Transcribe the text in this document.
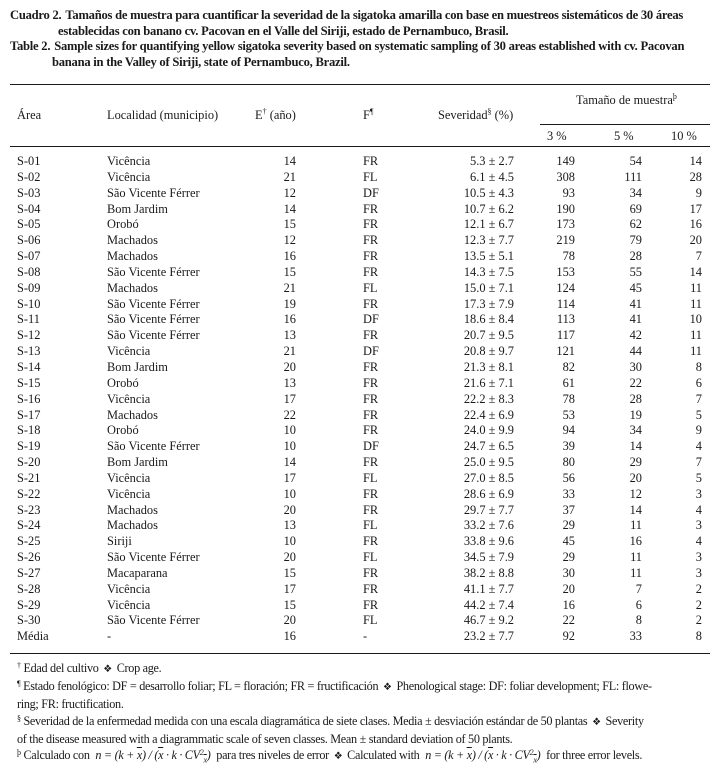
Cuadro 2. Tamaños de muestra para cuantificar la severidad de la sigatoka amarilla con base en muestreos sistemáticos de 30 áreas
establecidas con banano cv. Pacovan en el Valle del Siriji, estado de Pernambuco, Brasil.
Table 2. Sample sizes for quantifying yellow sigatoka severity based on systematic sampling of 30 areas established with cv. Pacovan
banana in the Valley of Siriji, state of Pernambuco, Brazil.
Área	Localidad (municipio)	E† (año)	F¶	Severidad§ (%)
Tamaño de muestra$^þ$
3 %	5 %	10 %
S-01	Vicência	14	FR	5.3 ± 2.7	149	54	14
S-02	Vicência	21	FL	6.1 ± 4.5	308	111	28
S-03	São Vicente Férrer	12	DF	10.5 ± 4.3	93	34	9
S-04	Bom Jardim	14	FR	10.7 ± 6.2	190	69	17
S-05	Orobó	15	FR	12.1 ± 6.7	173	62	16
S-06	Machados	12	FR	12.3 ± 7.7	219	79	20
S-07	Machados	16	FR	13.5 ± 5.1	78	28	7
S-08	São Vicente Férrer	15	FR	14.3 ± 7.5	153	55	14
S-09	Machados	21	FL	15.0 ± 7.1	124	45	11
S-10	São Vicente Férrer	19	FR	17.3 ± 7.9	114	41	11
S-11	São Vicente Férrer	16	DF	18.6 ± 8.4	113	41	10
S-12	São Vicente Férrer	13	FR	20.7 ± 9.5	117	42	11
S-13	Vicência	21	DF	20.8 ± 9.7	121	44	11
S-14	Bom Jardim	20	FR	21.3 ± 8.1	82	30	8
S-15	Orobó	13	FR	21.6 ± 7.1	61	22	6
S-16	Vicência	17	FR	22.2 ± 8.3	78	28	7
S-17	Machados	22	FR	22.4 ± 6.9	53	19	5
S-18	Orobó	10	FR	24.0 ± 9.9	94	34	9
S-19	São Vicente Férrer	10	DF	24.7 ± 6.5	39	14	4
S-20	Bom Jardim	14	FR	25.0 ± 9.5	80	29	7
S-21	Vicência	17	FL	27.0 ± 8.5	56	20	5
S-22	Vicência	10	FR	28.6 ± 6.9	33	12	3
S-23	Machados	20	FR	29.7 ± 7.7	37	14	4
S-24	Machados	13	FL	33.2 ± 7.6	29	11	3
S-25	Siriji	10	FR	33.8 ± 9.6	45	16	4
S-26	São Vicente Férrer	20	FL	34.5 ± 7.9	29	11	3
S-27	Macaparana	15	FR	38.2 ± 8.8	30	11	3
S-28	Vicência	17	FR	41.1 ± 7.7	20	7	2
S-29	Vicência	15	FR	44.2 ± 7.4	16	6	2
S-30	São Vicente Férrer	20	FL	46.7 ± 9.2	22	8	2
Média	-	16	-	23.2 ± 7.7	92	33	8
† Edad del cultivo ❖ Crop age.
¶ Estado fenológico: DF = desarrollo foliar; FL = floración; FR = fructificación ❖ Phenological stage: DF: foliar development; FL: flowe-
ring; FR: fructification.
§ Severidad de la enfermedad medida con una escala diagramática de siete clases. Media ± desviación estándar de 50 plantas ❖ Severity
of the disease measured with a diagrammatic scale of seven classes. Mean ± standard deviation of 50 plants.
$^þ$ Calculado con $n = (k + \overline{x}) / (\overline{x} \cdot k \cdot CV^2_{\overline{x}})$ para tres niveles de error ❖ Calculated with $n = (k + \overline{x}) / (\overline{x} \cdot k \cdot CV^2_{\overline{x}})$ for three error levels.
